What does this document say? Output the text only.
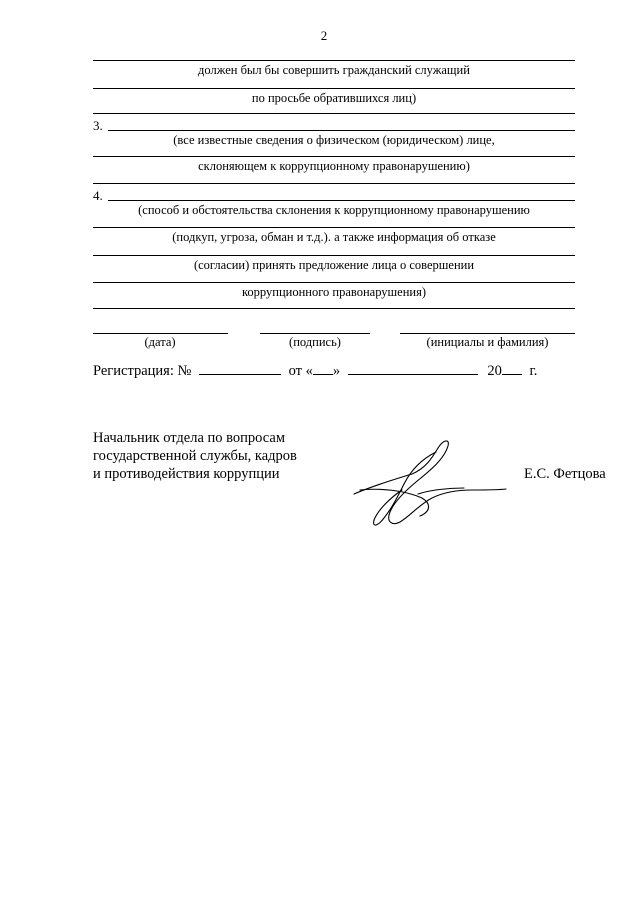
2
должен был бы совершить гражданский служащий
по просьбе обратившихся лиц)
3.
(все известные сведения о физическом (юридическом) лице,
склоняющем к коррупционному правонарушению)
4.
(способ и обстоятельства склонения к коррупционному правонарушению
(подкуп, угроза, обман и т.д.). а также информация об отказе
(согласии) принять предложение лица о совершении
коррупционного правонарушения)
(дата)	(подпись)	(инициалы и фамилия)
Регистрация: №	от « »	20 г.
Начальник отдела по вопросам
государственной службы, кадров
и противодействия коррупции	Е.С. Фетцова
